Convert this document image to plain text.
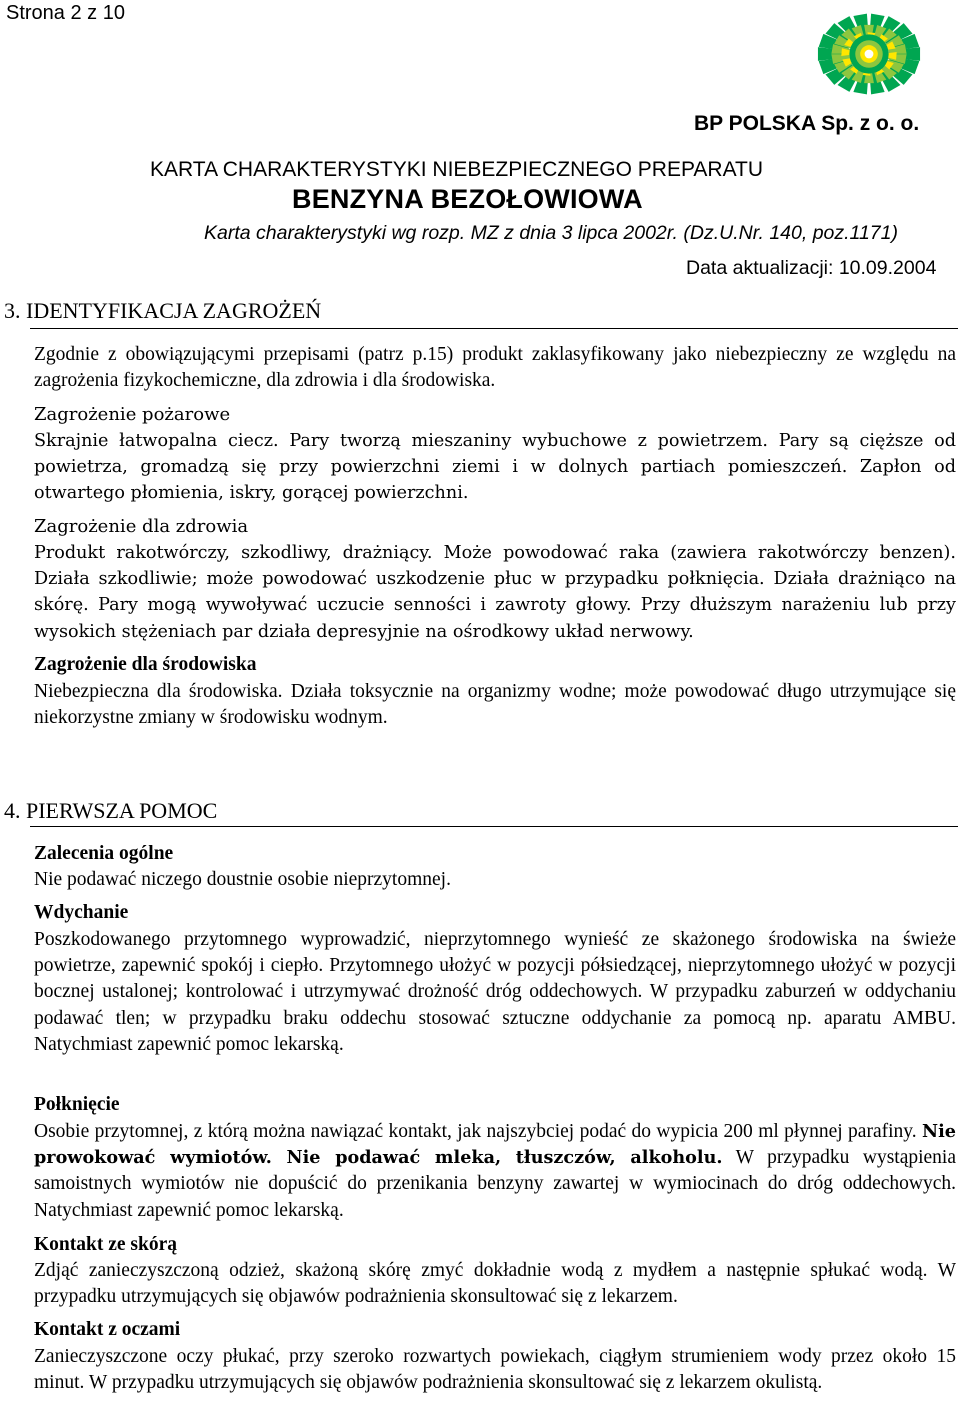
Strona 2 z 10
BP POLSKA Sp. z o. o.
KARTA CHARAKTERYSTYKI NIEBEZPIECZNEGO PREPARATU
BENZYNA BEZOŁOWIOWA
Karta charakterystyki wg rozp. MZ z dnia 3 lipca 2002r. (Dz.U.Nr. 140, poz.1171)
Data aktualizacji: 10.09.2004
3. IDENTYFIKACJA ZAGROŻEŃ

Zgodnie z obowiązującymi przepisami (patrz p.15) produkt zaklasyfikowany jako niebezpieczny ze względu na zagrożenia fizykochemiczne, dla zdrowia i dla środowiska.

Zagrożenie pożarowe

Skrajnie łatwopalna ciecz. Pary tworzą mieszaniny wybuchowe z powietrzem. Pary są cięższe od powietrza, gromadzą się przy powierzchni ziemi i w dolnych partiach pomieszczeń. Zapłon od otwartego płomienia, iskry, gorącej powierzchni.

Zagrożenie dla zdrowia

Produkt rakotwórczy, szkodliwy, drażniący. Może powodować raka (zawiera rakotwórczy benzen). Działa szkodliwie; może powodować uszkodzenie płuc w przypadku połknięcia. Działa drażniąco na skórę. Pary mogą wywoływać uczucie senności i zawroty głowy. Przy dłuższym narażeniu lub przy wysokich stężeniach par działa depresyjnie na ośrodkowy układ nerwowy.

Zagrożenie dla środowiska

Niebezpieczna dla środowiska. Działa toksycznie na organizmy wodne; może powodować długo utrzymujące się niekorzystne zmiany w środowisku wodnym.

4. PIERWSZA POMOC
Zalecenia ogólne

Nie podawać niczego doustnie osobie nieprzytomnej.

Wdychanie

Poszkodowanego przytomnego wyprowadzić, nieprzytomnego wynieść ze skażonego środowiska na świeże powietrze, zapewnić spokój i ciepło. Przytomnego ułożyć w pozycji półsiedzącej, nieprzytomnego ułożyć w pozycji bocznej ustalonej; kontrolować i utrzymywać drożność dróg oddechowych. W przypadku zaburzeń w oddychaniu podawać tlen; w przypadku braku oddechu stosować sztuczne oddychanie za pomocą np. aparatu AMBU. Natychmiast zapewnić pomoc lekarską.

Połknięcie

Osobie przytomnej, z którą można nawiązać kontakt, jak najszybciej podać do wypicia 200 ml płynnej parafiny. Nie prowokować wymiotów. Nie podawać mleka, tłuszczów, alkoholu. W przypadku wystąpienia samoistnych wymiotów nie dopuścić do przenikania benzyny zawartej w wymiocinach do dróg oddechowych. Natychmiast zapewnić pomoc lekarską.

Kontakt ze skórą

Zdjąć zanieczyszczoną odzież, skażoną skórę zmyć dokładnie wodą z mydłem a następnie spłukać wodą. W przypadku utrzymujących się objawów podrażnienia skonsultować się z lekarzem.

Kontakt z oczami

Zanieczyszczone oczy płukać, przy szeroko rozwartych powiekach, ciągłym strumieniem wody przez około 15 minut. W przypadku utrzymujących się objawów podrażnienia skonsultować się z lekarzem okulistą.
